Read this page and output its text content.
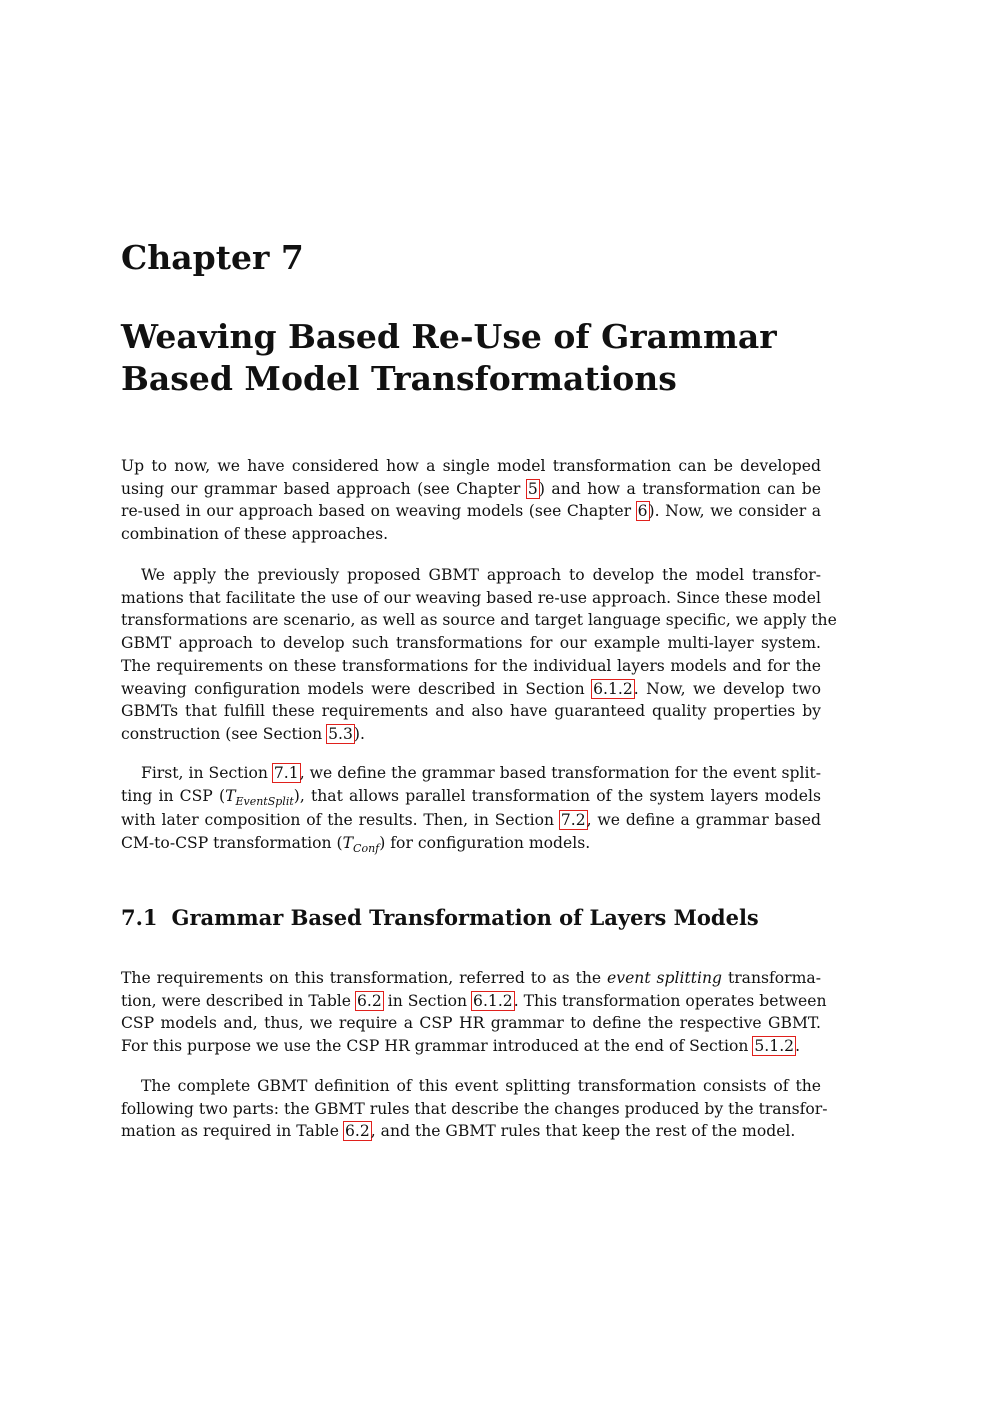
Chapter 7
Weaving Based Re-Use of Grammar
Based Model Transformations

Up to now, we have considered how a single model transformation can be developed
using our grammar based approach (see Chapter 5) and how a transformation can be
re-used in our approach based on weaving models (see Chapter 6). Now, we consider a
combination of these approaches.

We apply the previously proposed GBMT approach to develop the model transfor-
mations that facilitate the use of our weaving based re-use approach. Since these model
transformations are scenario, as well as source and target language specific, we apply the
GBMT approach to develop such transformations for our example multi-layer system.
The requirements on these transformations for the individual layers models and for the
weaving configuration models were described in Section 6.1.2. Now, we develop two
GBMTs that fulfill these requirements and also have guaranteed quality properties by
construction (see Section 5.3).

First, in Section 7.1, we define the grammar based transformation for the event split-
ting in CSP $(T_{EventSplit})$, that allows parallel transformation of the system layers models
with later composition of the results. Then, in Section 7.2, we define a grammar based
CM-to-CSP transformation $(T_{Conf})$ for configuration models.

7.1 Grammar Based Transformation of Layers Models

The requirements on this transformation, referred to as the event splitting transforma-
tion, were described in Table 6.2 in Section 6.1.2. This transformation operates between
CSP models and, thus, we require a CSP HR grammar to define the respective GBMT.
For this purpose we use the CSP HR grammar introduced at the end of Section 5.1.2.

The complete GBMT definition of this event splitting transformation consists of the
following two parts: the GBMT rules that describe the changes produced by the transfor-
mation as required in Table 6.2, and the GBMT rules that keep the rest of the model.
